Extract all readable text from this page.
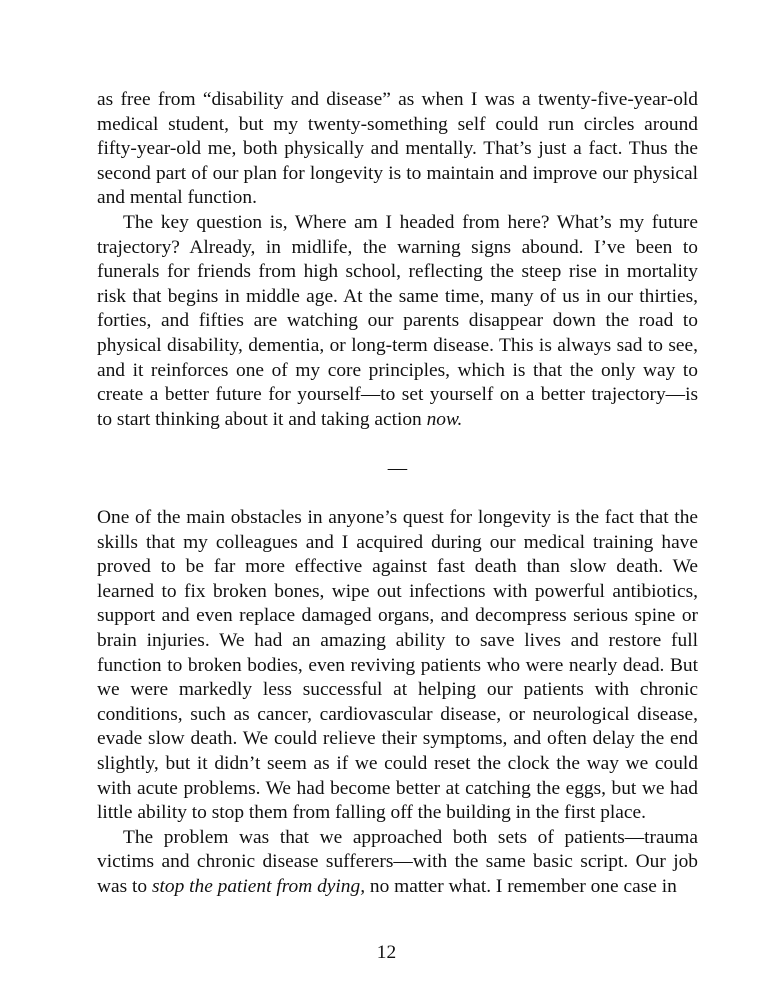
as free from “disability and disease” as when I was a twenty-five-year-old medical student, but my twenty-something self could run circles around fifty-year-old me, both physically and mentally. That’s just a fact. Thus the second part of our plan for longevity is to maintain and improve our physical and mental function.

The key question is, Where am I headed from here? What’s my future trajectory? Already, in midlife, the warning signs abound. I’ve been to funerals for friends from high school, reflecting the steep rise in mortality risk that begins in middle age. At the same time, many of us in our thirties, forties, and fifties are watching our parents disappear down the road to physical disability, dementia, or long-term disease. This is always sad to see, and it reinforces one of my core principles, which is that the only way to create a better future for yourself—to set yourself on a better trajectory—is to start thinking about it and taking action now.

—

One of the main obstacles in anyone’s quest for longevity is the fact that the skills that my colleagues and I acquired during our medical training have proved to be far more effective against fast death than slow death. We learned to fix broken bones, wipe out infections with powerful antibiotics, support and even replace damaged organs, and decompress serious spine or brain injuries. We had an amazing ability to save lives and restore full function to broken bodies, even reviving patients who were nearly dead. But we were markedly less successful at helping our patients with chronic conditions, such as cancer, cardiovascular disease, or neurological disease, evade slow death. We could relieve their symptoms, and often delay the end slightly, but it didn’t seem as if we could reset the clock the way we could with acute problems. We had become better at catching the eggs, but we had little ability to stop them from falling off the building in the first place.

The problem was that we approached both sets of patients—trauma victims and chronic disease sufferers—with the same basic script. Our job was to stop the patient from dying, no matter what. I remember one case in

12
